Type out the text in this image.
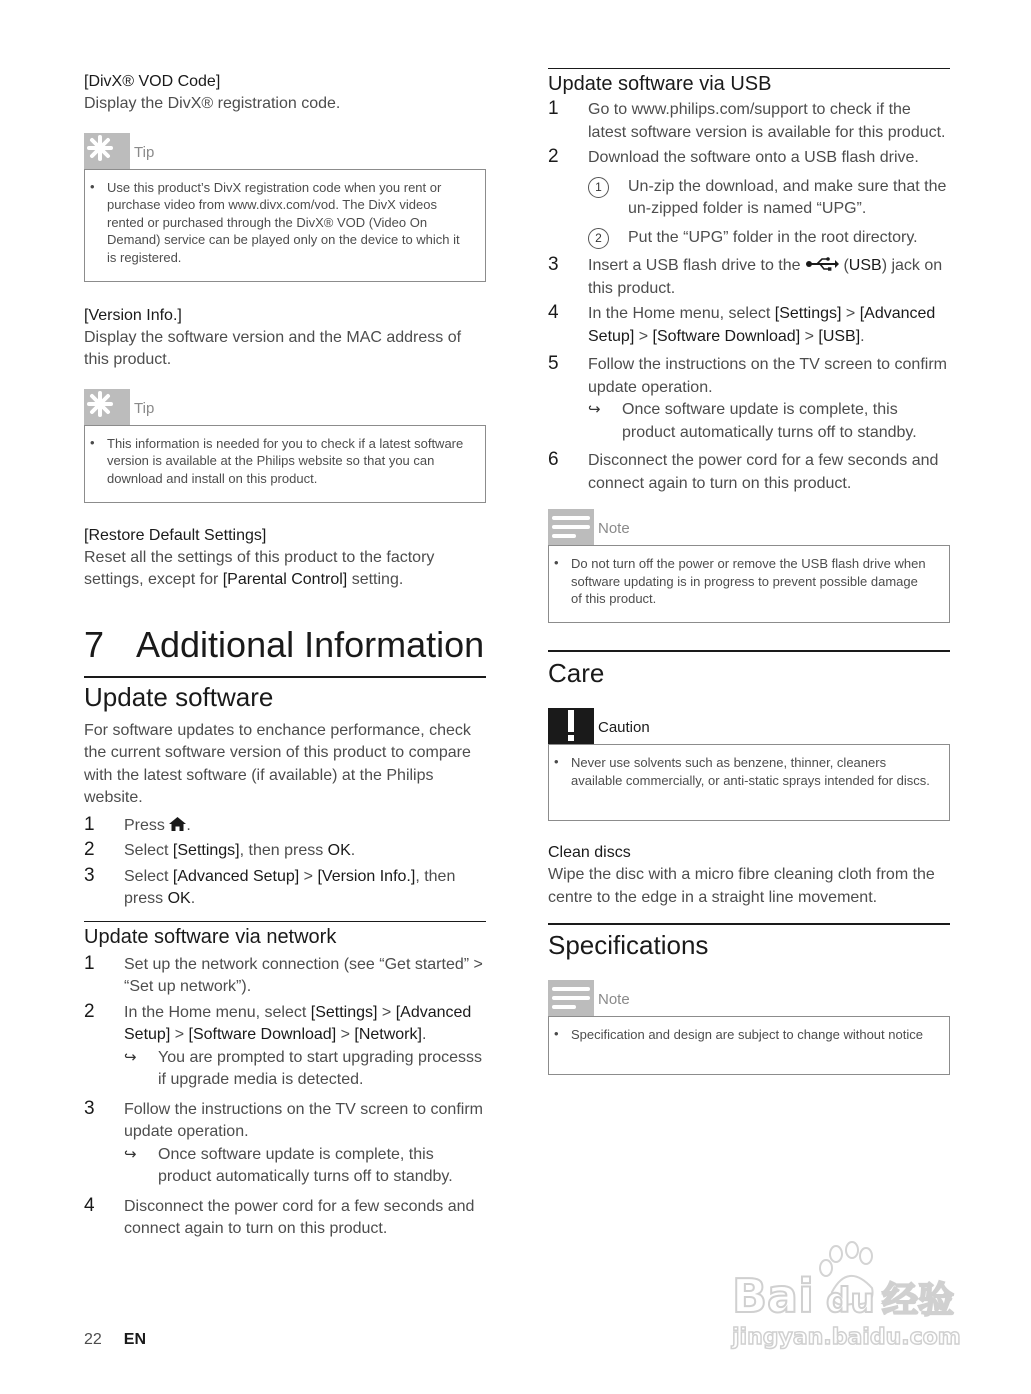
[DivX® VOD Code]

Display the DivX® registration code.

Tip
• Use this product’s DivX registration code when you rent or purchase video from www.divx.com/vod. The DivX videos rented or purchased through the DivX® VOD (Video On Demand) service can be played only on the device to which it is registered.

[Version Info.]

Display the software version and the MAC address of this product.

Tip
• This information is needed for you to check if a latest software version is available at the Philips website so that you can download and install on this product.

[Restore Default Settings]

Reset all the settings of this product to the factory settings, except for [Parental Control] setting.

7 Additional Information
Update software

For software updates to enchance performance, check the current software version of this product to compare with the latest software (if available) at the Philips website.

1 Press .
2 Select [Settings], then press OK.
3 Select [Advanced Setup] > [Version Info.], then press OK.
Update software via network
1 Set up the network connection (see “Get started” > “Set up network”).
2 In the Home menu, select [Settings] > [Advanced Setup] > [Software Download] > [Network].
↪ You are prompted to start upgrading processs if upgrade media is detected.
3 Follow the instructions on the TV screen to confirm update operation.
↪ Once software update is complete, this product automatically turns off to standby.
4 Disconnect the power cord for a few seconds and connect again to turn on this product.
Update software via USB
1 Go to www.philips.com/support to check if the latest software version is available for this product.
2 Download the software onto a USB flash drive.
1	Un-zip the download, and make sure that the un-zipped folder is named “UPG”.
2	Put the “UPG” folder in the root directory.
3 Insert a USB flash drive to the  (USB) jack on this product.
4 In the Home menu, select [Settings] > [Advanced Setup] > [Software Download] > [USB].
5 Follow the instructions on the TV screen to confirm update operation.
↪ Once software update is complete, this product automatically turns off to standby.
6 Disconnect the power cord for a few seconds and connect again to turn on this product.
Note
• Do not turn off the power or remove the USB flash drive when software updating is in progress to prevent possible damage of this product.

Care
Caution
• Never use solvents such as benzene, thinner, cleaners available commercially, or anti-static sprays intended for discs.

Clean discs

Wipe the disc with a micro fibre cleaning cloth from the centre to the edge in a straight line movement.

Specifications
Note
• Specification and design are subject to change without notice

22 EN
Bai du 经验
jingyan.baidu.com
